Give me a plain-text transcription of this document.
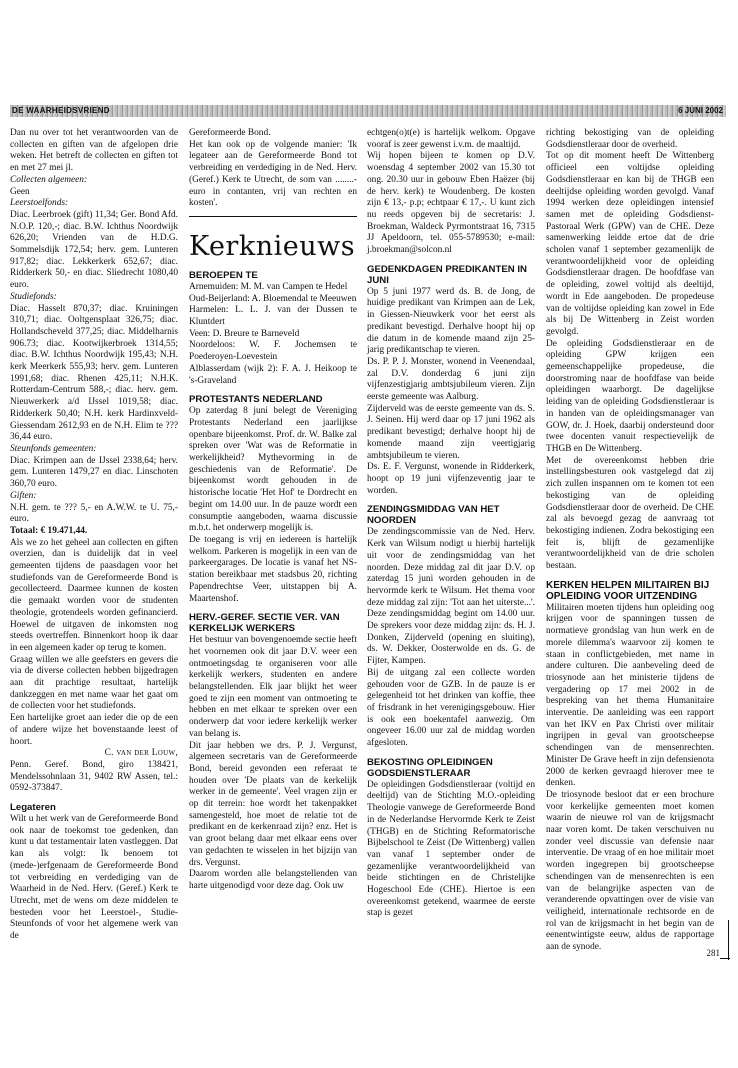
DE WAARHEIDSVRIEND	6 JUNI 2002

Dan nu over tot het verantwoorden van de collecten en giften van de afgelopen drie weken. Het betreft de collecten en giften tot en met 27 mei jl.

Collecten algemeen:

Geen

Leerstoelfonds:

Diac. Leerbroek (gift) 11,34; Ger. Bond Afd. N.O.P. 120,-; diac. B.W. Ichthus Noordwijk 626,20; Vrienden van de H.D.G. Sommelsdijk 172,54; herv. gem. Lunteren 917,82; diac. Lekkerkerk 652,67; diac. Ridderkerk 50,- en diac. Sliedrecht 1080,40 euro.

Studiefonds:

Diac. Hasselt 870,37; diac. Kruiningen 310,71; diac. Ooltgensplaat 326,75; diac. Hollandscheveld 377,25; diac. Middelharnis 906.73; diac. Kootwijkerbroek 1314,55; diac. B.W. Ichthus Noordwijk 195,43; N.H. kerk Meerkerk 555,93; herv. gem. Lunteren 1991,68; diac. Rhenen 425,11; N.H.K. Rotterdam-Centrum 588,-; diac. herv. gem. Nieuwerkerk a/d IJssel 1019,58; diac. Ridderkerk 50,40; N.H. kerk Hardinxveld-Giessendam 2612,93 en de N.H. Elim te ??? 36,44 euro.

Steunfonds gemeenten:

Diac. Krimpen aan de IJssel 2338,64; herv. gem. Lunteren 1479,27 en diac. Linschoten 360,70 euro.

Giften:

N.H. gem. te ??? 5,- en A.W.W. te U. 75,- euro.

Totaal: € 19.471,44.

Als we zo het geheel aan collecten en giften overzien, dan is duidelijk dat in veel gemeenten tijdens de paasdagen voor het studiefonds van de Gereformeerde Bond is gecollecteerd. Daarmee kunnen de kosten die gemaakt worden voor de studenten theologie, grotendeels worden gefinancierd. Hoewel de uitgaven de inkomsten nog steeds overtreffen. Binnenkort hoop ik daar in een algemeen kader op terug te komen.

Graag willen we alle geefsters en gevers die via de diverse collecten hebben bijgedragen aan dit prachtige resultaat, hartelijk dankzeggen en met name waar het gaat om de collecten voor het studiefonds.

Een hartelijke groet aan ieder die op de een of andere wijze het bovenstaande leest of hoort.

C. van der Louw,

Penn. Geref. Bond, giro 138421, Mendelssohnlaan 31, 9402 RW Assen, tel.: 0592-373847.

Legateren

Wilt u het werk van de Gereformeerde Bond ook naar de toekomst toe gedenken, dan kunt u dat testamentair laten vastleggen. Dat kan als volgt: Ik benoem tot (mede-)erfgenaam de Gereformeerde Bond tot verbreiding en verdediging van de Waarheid in de Ned. Herv. (Geref.) Kerk te Utrecht, met de wens om deze middelen te besteden voor het Leerstoel-, Studie- Steunfonds of voor het algemene werk van de

Gereformeerde Bond.

Het kan ook op de volgende manier: 'Ik legateer aan de Gereformeerde Bond tot verbreiding en verdediging in de Ned. Herv. (Geref.) Kerk te Utrecht, de som van ........- euro in contanten, vrij van rechten en kosten'.

Kerknieuws
BEROEPEN TE

Arnemuiden: M. M. van Campen te Hedel

Oud-Beijerland: A. Bloemendal te Meeuwen

Harmelen: L. L. J. van der Dussen te Kluntdert

Veen: D. Breure te Barneveld

Noordeloos: W. F. Jochemsen te Poederoyen-Loevestein

Alblasserdam (wijk 2): F. A. J. Heikoop te 's-Graveland

PROTESTANTS NEDERLAND

Op zaterdag 8 juni belegt de Vereniging Protestants Nederland een jaarlijkse openbare bijeenkomst. Prof. dr. W. Balke zal spreken over 'Wat was de Reformatie in werkelijkheid? Mythevorming in de geschiedenis van de Reformatie'. De bijeenkomst wordt gehouden in de historische locatie 'Het Hof' te Dordrecht en begint om 14.00 uur. In de pauze wordt een consumptie aangeboden, waarna discussie m.b.t. het onderwerp mogelijk is.

De toegang is vrij en iedereen is hartelijk welkom. Parkeren is mogelijk in een van de parkeergarages. De locatie is vanaf het NS-station bereikbaar met stadsbus 20, richting Papendrechtse Veer, uitstappen bij A. Maartenshof.

HERV.-GEREF. SECTIE VER. VAN KERKELIJK WERKERS

Het bestuur van bovengenoemde sectie heeft het voornemen ook dit jaar D.V. weer een ontmoetingsdag te organiseren voor alle kerkelijk werkers, studenten en andere belangstellenden. Elk jaar blijkt het weer goed te zijn een moment van ontmoeting te hebben en met elkaar te spreken over een onderwerp dat voor iedere kerkelijk werker van belang is.

Dit jaar hebben we drs. P. J. Vergunst, algemeen secretaris van de Gereformeerde Bond, bereid gevonden een referaat te houden over 'De plaats van de kerkelijk werker in de gemeente'. Veel vragen zijn er op dit terrein: hoe wordt het takenpakket samengesteld, hoe moet de relatie tot de predikant en de kerkenraad zijn? enz. Het is van groot belang daar met elkaar eens over van gedachten te wisselen in het bijzijn van drs. Vergunst.

Daarom worden alle belangstellenden van harte uitgenodigd voor deze dag. Ook uw

echtgen(o)t(e) is hartelijk welkom. Opgave vooraf is zeer gewenst i.v.m. de maaltijd.

Wij hopen bijeen te komen op D.V. woensdag 4 september 2002 van 15.30 tot ong. 20.30 uur in gebouw Eben Haëzer (bij de herv. kerk) te Woudenberg. De kosten zijn € 13,- p.p; echtpaar € 17,-. U kunt zich nu reeds opgeven bij de secretaris: J. Broekman, Waldeck Pyrmontstraat 16, 7315 JJ Apeldoorn, tel. 055-5789530; e-mail: j.broekman@solcon.nl

GEDENKDAGEN PREDIKANTEN IN JUNI

Op 5 juni 1977 werd ds. B. de Jong, de huidige predikant van Krimpen aan de Lek, in Giessen-Nieuwkerk voor het eerst als predikant bevestigd. Derhalve hoopt hij op die datum in de komende maand zijn 25-jarig predikantschap te vieren.

Ds. P. P. J. Monster, wonend in Veenendaal, zal D.V. donderdag 6 juni zijn vijfenzestigjarig ambtsjubileum vieren. Zijn eerste gemeente was Aalburg.

Zijderveld was de eerste gemeente van ds. S. J. Seinen. Hij werd daar op 17 juni 1962 als predikant bevestigd; derhalve hoopt hij de komende maand zijn veertigjarig ambtsjubileum te vieren.

Ds. E. F. Vergunst, wonende in Ridderkerk, hoopt op 19 juni vijfenzeventig jaar te worden.

ZENDINGSMIDDAG VAN HET NOORDEN

De zendingscommissie van de Ned. Herv. Kerk van Wilsum nodigt u hierbij hartelijk uit voor de zendingsmiddag van het noorden. Deze middag zal dit jaar D.V. op zaterdag 15 juni worden gehouden in de hervormde kerk te Wilsum. Het thema voor deze middag zal zijn: 'Tot aan het uiterste...'. Deze zendingsmiddag begint om 14.00 uur. De sprekers voor deze middag zijn: ds. H. J. Donken, Zijderveld (opening en sluiting), ds. W. Dekker, Oosterwolde en ds. G. de Fijter, Kampen.

Bij de uitgang zal een collecte worden gehouden voor de GZB. In de pauze is er gelegenheid tot het drinken van koffie, thee of frisdrank in het verenigingsgebouw. Hier is ook een boekentafel aanwezig. Om ongeveer 16.00 uur zal de middag worden afgesloten.

BEKOSTING OPLEIDINGEN GODSDIENSTLERAAR

De opleidingen Godsdienstleraar (voltijd en deeltijd) van de Stichting M.O.-opleiding Theologie vanwege de Gereformeerde Bond in de Nederlandse Hervormde Kerk te Zeist (THGB) en de Stichting Reformatorische Bijbelschool te Zeist (De Wittenberg) vallen van vanaf 1 september onder de gezamenlijke verantwoordelijkheid van beide stichtingen en de Christelijke Hogeschool Ede (CHE). Hiertoe is een overeenkomst getekend, waarmee de eerste stap is gezet

richting bekostiging van de opleiding Godsdienstleraar door de overheid.

Tot op dit moment heeft De Wittenberg officieel een voltijdse opleiding Godsdienstleraar en kan bij de THGB een deeltijdse opleiding worden gevolgd. Vanaf 1994 werken deze opleidingen intensief samen met de opleiding Godsdienst-Pastoraal Werk (GPW) van de CHE. Deze samenwerking leidde ertoe dat de drie scholen vanaf 1 september gezamenlijk de verantwoordelijkheid voor de opleiding Godsdienstleraar dragen. De hoofdfase van de opleiding, zowel voltijd als deeltijd, wordt in Ede aangeboden. De propedeuse van de voltijdse opleiding kan zowel in Ede als bij De Wittenberg in Zeist worden gevolgd.

De opleiding Godsdienstleraar en de opleiding GPW krijgen een gemeenschappelijke propedeuse, die doorstroming naar de hoofdfase van beide opleidingen waarborgt. De dagelijkse leiding van de opleiding Godsdienstleraar is in handen van de opleidingsmanager van GOW, dr. J. Hoek, daarbij ondersteund door twee docenten vanuit respectievelijk de THGB en De Wittenberg.

Met de overeenkomst hebben drie instellingsbesturen ook vastgelegd dat zij zich zullen inspannen om te komen tot een bekostiging van de opleiding Godsdienstleraar door de overheid. De CHE zal als bevoegd gezag de aanvraag tot bekostiging indienen. Zodra bekostiging een feit is, blijft de gezamenlijke verantwoordelijkheid van de drie scholen bestaan.

KERKEN HELPEN MILITAIREN BIJ OPLEIDING VOOR UITZENDING

Militairen moeten tijdens hun opleiding oog krijgen voor de spanningen tussen de normatieve grondslag van hun werk en de morele dilemma's waarvoor zij komen te staan in conflictgebieden, met name in andere culturen. Die aanbeveling deed de triosynode aan het ministerie tijdens de vergadering op 17 mei 2002 in de bespreking van het thema Humanitaire interventie. De aanleiding was een rapport van het IKV en Pax Christi over militair ingrijpen in geval van grootscheepse schendingen van de mensenrechten. Minister De Grave heeft in zijn defensienota 2000 de kerken gevraagd hierover mee te denken.

De triosynode besloot dat er een brochure voor kerkelijke gemeenten moet komen waarin de nieuwe rol van de krijgsmacht naar voren komt. De taken verschuiven nu zonder veel discussie van defensie naar interventie. De vraag of en hoe militair moet worden ingegrepen bij grootscheepse schendingen van de mensenrechten is een van de belangrijke aspecten van de veranderende opvattingen over de visie van veiligheid, internationale rechtsorde en de rol van de krijgsmacht in het begin van de eenentwintigste eeuw, aldus de rapportage aan de synode.

281
